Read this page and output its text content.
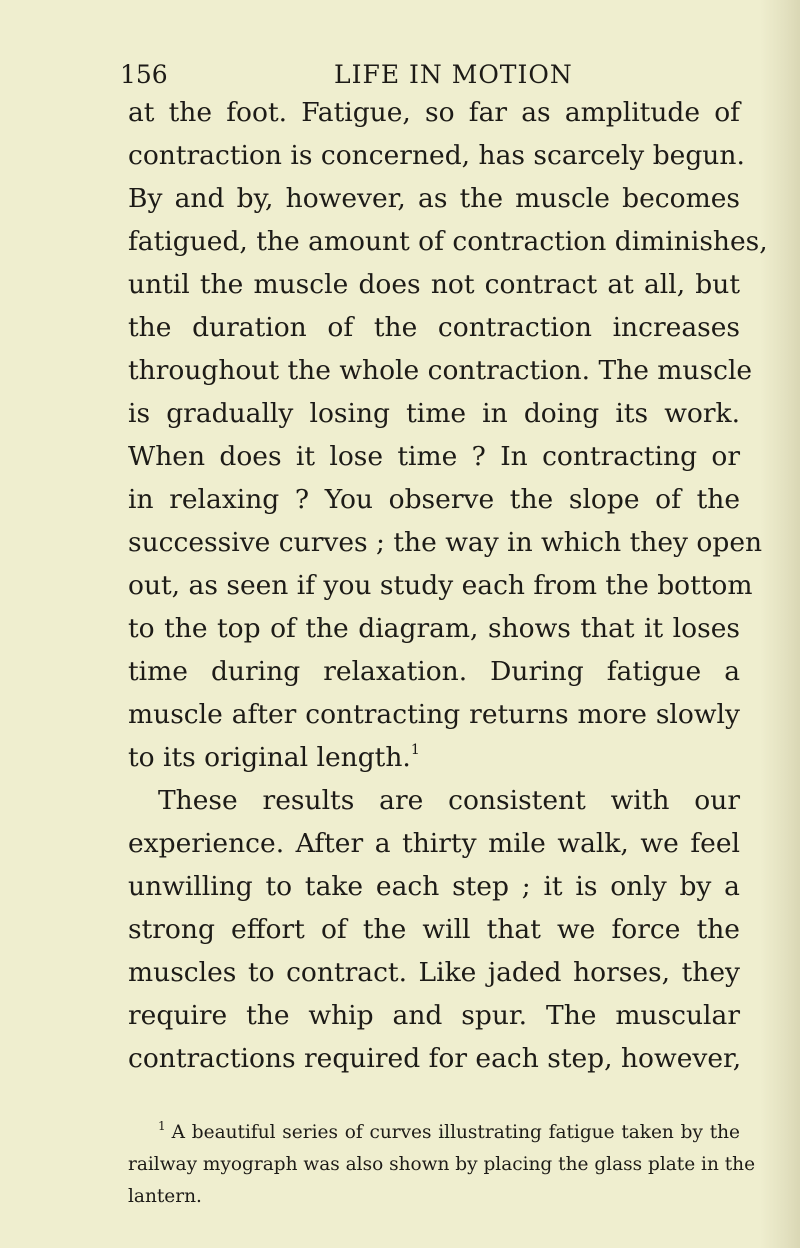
156	LIFE IN MOTION
at the foot. Fatigue, so far as amplitude of
contraction is concerned, has scarcely begun.
By and by, however, as the muscle becomes
fatigued, the amount of contraction diminishes,
until the muscle does not contract at all, but
the duration of the contraction increases
throughout the whole contraction. The muscle
is gradually losing time in doing its work.
When does it lose time ? In contracting or
in relaxing ? You observe the slope of the
successive curves ; the way in which they open
out, as seen if you study each from the bottom
to the top of the diagram, shows that it loses
time during relaxation. During fatigue a
muscle after contracting returns more slowly
to its original length.$^1$
These results are consistent with our
experience. After a thirty mile walk, we feel
unwilling to take each step ; it is only by a
strong effort of the will that we force the
muscles to contract. Like jaded horses, they
require the whip and spur. The muscular
contractions required for each step, however,
$^1$ A beautiful series of curves illustrating fatigue taken by the
railway myograph was also shown by placing the glass plate in the
lantern.
